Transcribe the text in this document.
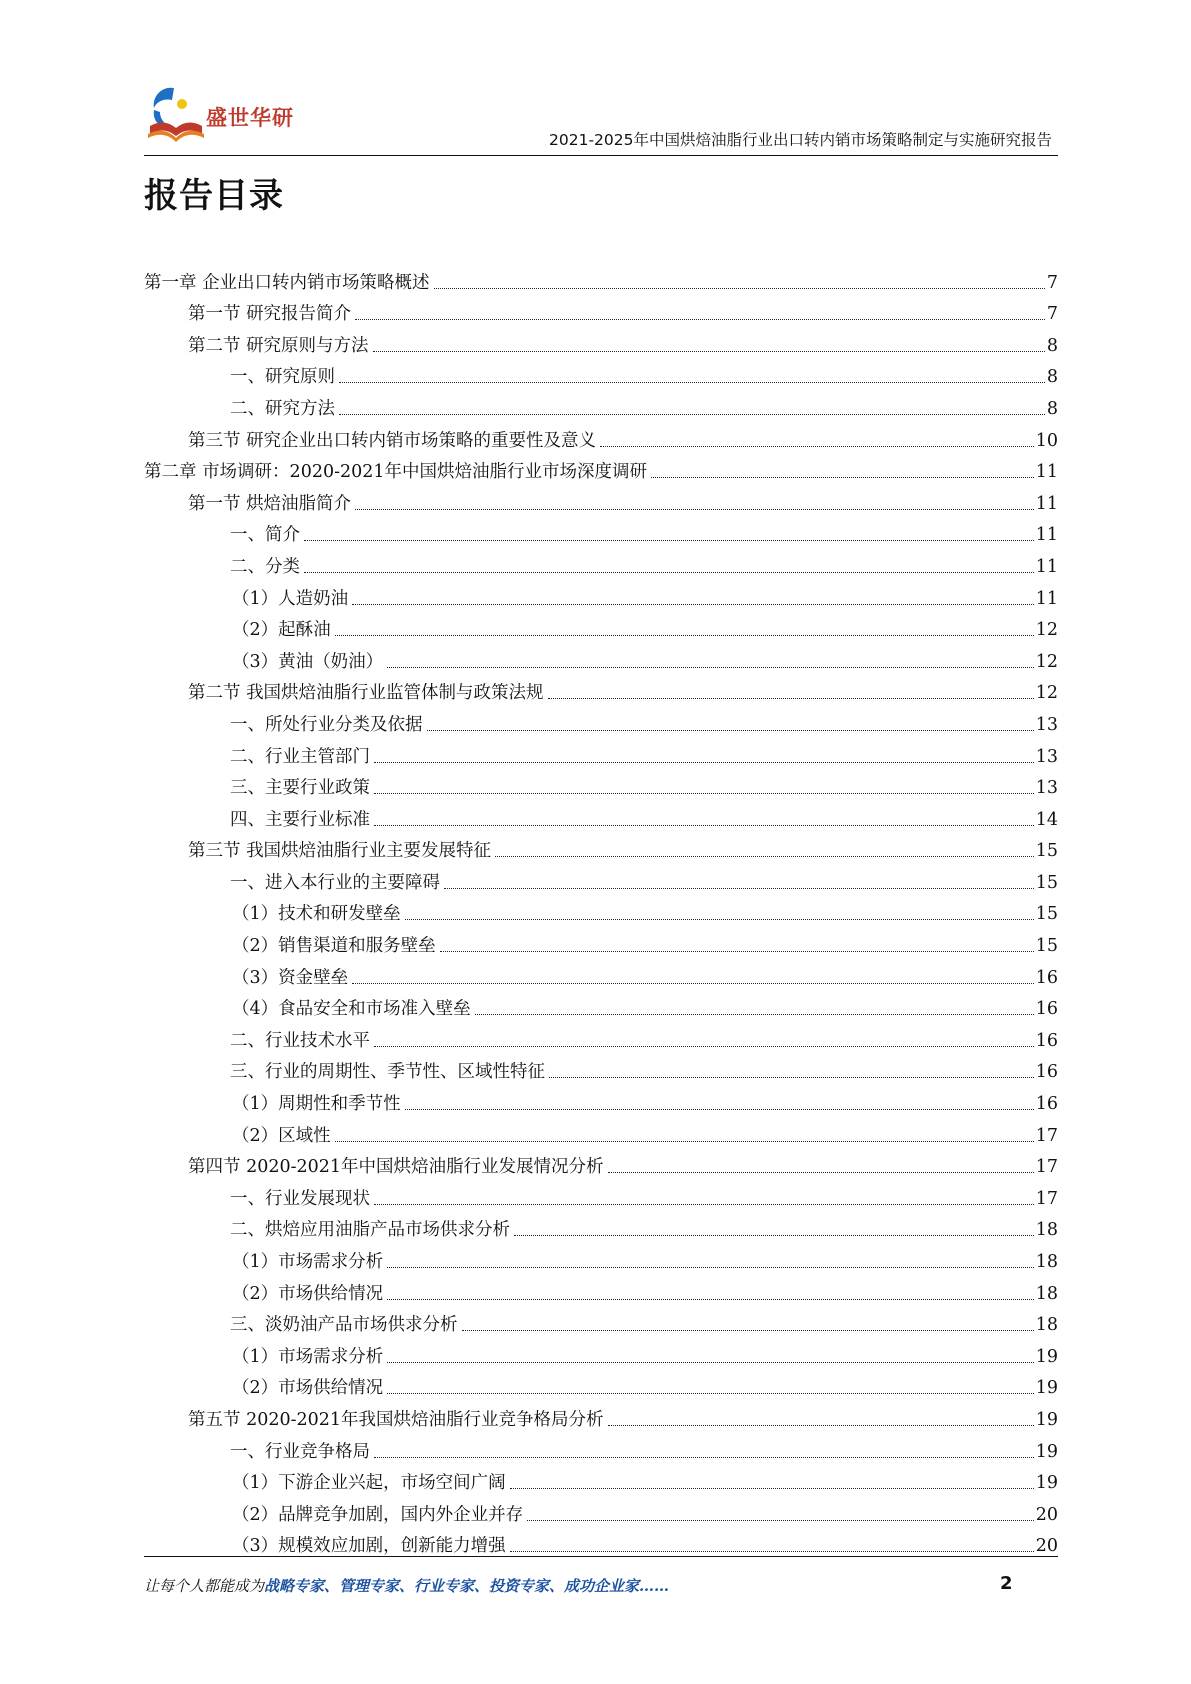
盛世华研
2021-2025年中国烘焙油脂行业出口转内销市场策略制定与实施研究报告
报告目录
第一章 企业出口转内销市场策略概述	7
第一节 研究报告简介	7
第二节 研究原则与方法	8
一、研究原则	8
二、研究方法	8
第三节 研究企业出口转内销市场策略的重要性及意义	10
第二章 市场调研：2020-2021年中国烘焙油脂行业市场深度调研	11
第一节 烘焙油脂简介	11
一、简介	11
二、分类	11
（1）人造奶油	11
（2）起酥油	12
（3）黄油（奶油）	12
第二节 我国烘焙油脂行业监管体制与政策法规	12
一、所处行业分类及依据	13
二、行业主管部门	13
三、主要行业政策	13
四、主要行业标准	14
第三节 我国烘焙油脂行业主要发展特征	15
一、进入本行业的主要障碍	15
（1）技术和研发壁垒	15
（2）销售渠道和服务壁垒	15
（3）资金壁垒	16
（4）食品安全和市场准入壁垒	16
二、行业技术水平	16
三、行业的周期性、季节性、区域性特征	16
（1）周期性和季节性	16
（2）区域性	17
第四节 2020-2021年中国烘焙油脂行业发展情况分析	17
一、行业发展现状	17
二、烘焙应用油脂产品市场供求分析	18
（1）市场需求分析	18
（2）市场供给情况	18
三、淡奶油产品市场供求分析	18
（1）市场需求分析	19
（2）市场供给情况	19
第五节 2020-2021年我国烘焙油脂行业竞争格局分析	19
一、行业竞争格局	19
（1）下游企业兴起，市场空间广阔	19
（2）品牌竞争加剧，国内外企业并存	20
（3）规模效应加剧，创新能力增强	20
让每个人都能成为战略专家、管理专家、行业专家、投资专家、成功企业家……	2
